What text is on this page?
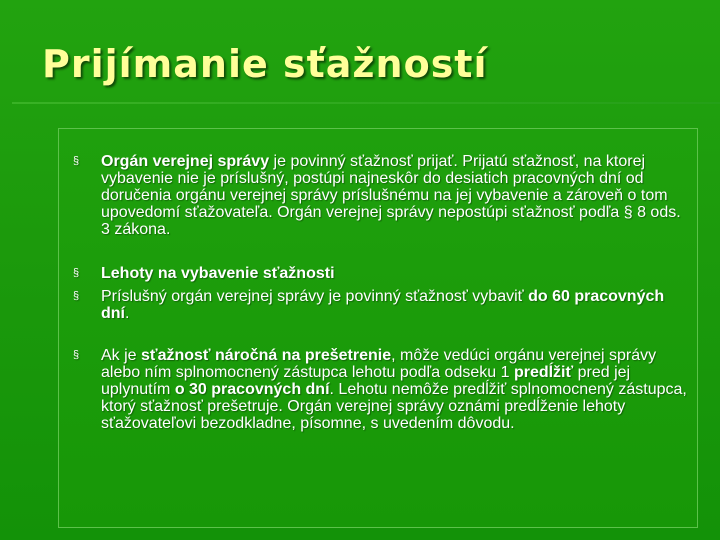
Prijímanie sťažností
§ Orgán verejnej správy je povinný sťažnosť prijať. Prijatú sťažnosť, na ktorej vybavenie nie je príslušný, postúpi najneskôr do desiatich pracovných dní od doručenia orgánu verejnej správy príslušnému na jej vybavenie a zároveň o tom upovedomí sťažovateľa. Orgán verejnej správy nepostúpi sťažnosť podľa § 8 ods. 3 zákona.
§ Lehoty na vybavenie sťažnosti
§ Príslušný orgán verejnej správy je povinný sťažnosť vybaviť do 60 pracovných dní.
§ Ak je sťažnosť náročná na prešetrenie, môže vedúci orgánu verejnej správy alebo ním splnomocnený zástupca lehotu podľa odseku 1 predĺžiť pred jej uplynutím o 30 pracovných dní. Lehotu nemôže predĺžiť splnomocnený zástupca, ktorý sťažnosť prešetruje. Orgán verejnej správy oznámi predĺženie lehoty sťažovateľovi bezodkladne, písomne, s uvedením dôvodu.
